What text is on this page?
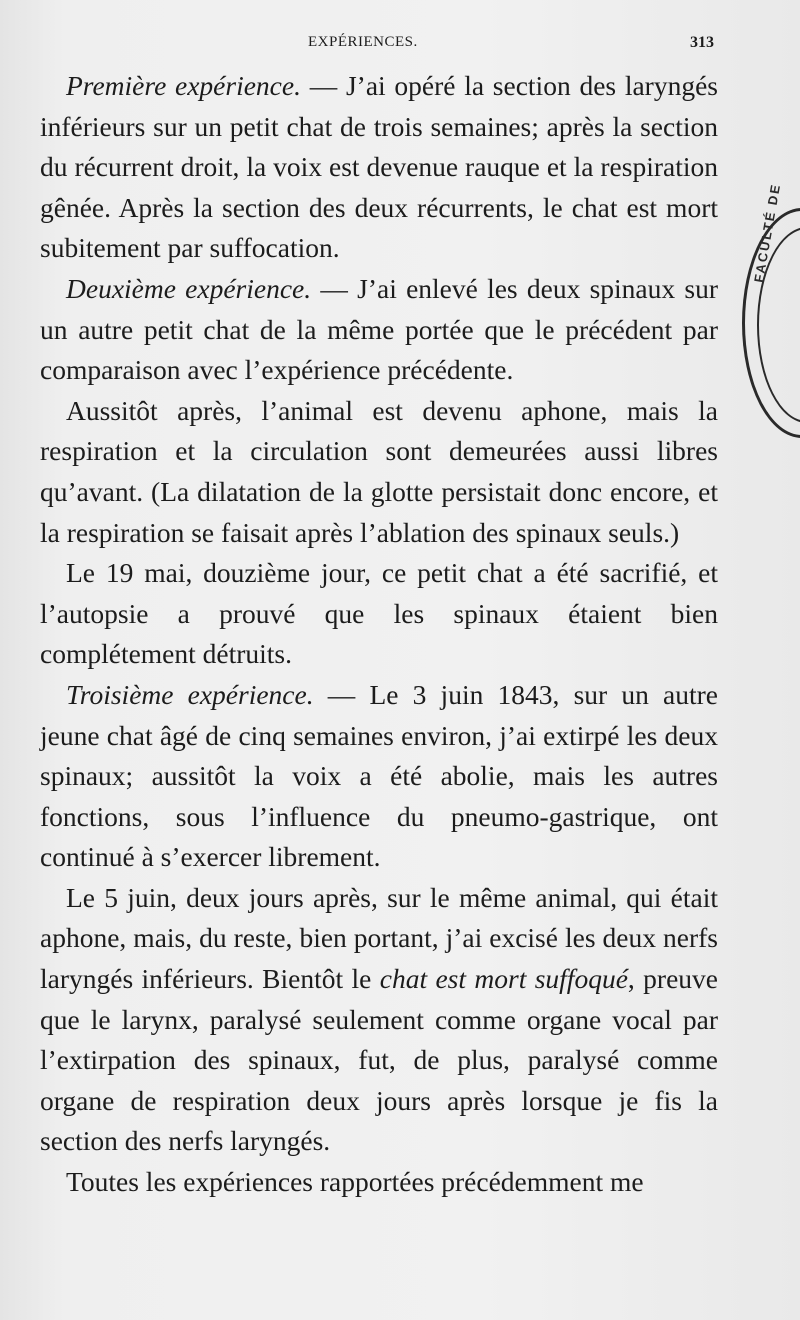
EXPÉRIENCES.	313

Première expérience. — J’ai opéré la section des laryngés inférieurs sur un petit chat de trois semaines; après la section du récurrent droit, la voix est devenue rauque et la respiration gênée. Après la section des deux récurrents, le chat est mort subitement par suffocation.

Deuxième expérience. — J’ai enlevé les deux spinaux sur un autre petit chat de la même portée que le précédent par comparaison avec l’expérience précédente.

Aussitôt après, l’animal est devenu aphone, mais la respiration et la circulation sont demeurées aussi libres qu’avant. (La dilatation de la glotte persistait donc encore, et la respiration se faisait après l’ablation des spinaux seuls.)

Le 19 mai, douzième jour, ce petit chat a été sacrifié, et l’autopsie a prouvé que les spinaux étaient bien complétement détruits.

Troisième expérience. — Le 3 juin 1843, sur un autre jeune chat âgé de cinq semaines environ, j’ai extirpé les deux spinaux; aussitôt la voix a été abolie, mais les autres fonctions, sous l’influence du pneumo-gastrique, ont continué à s’exercer librement.

Le 5 juin, deux jours après, sur le même animal, qui était aphone, mais, du reste, bien portant, j’ai excisé les deux nerfs laryngés inférieurs. Bientôt le chat est mort suffoqué, preuve que le larynx, paralysé seulement comme organe vocal par l’extirpation des spinaux, fut, de plus, paralysé comme organe de respiration deux jours après lorsque je fis la section des nerfs laryngés.

Toutes les expériences rapportées précédemment me

FACULTÉ DE
